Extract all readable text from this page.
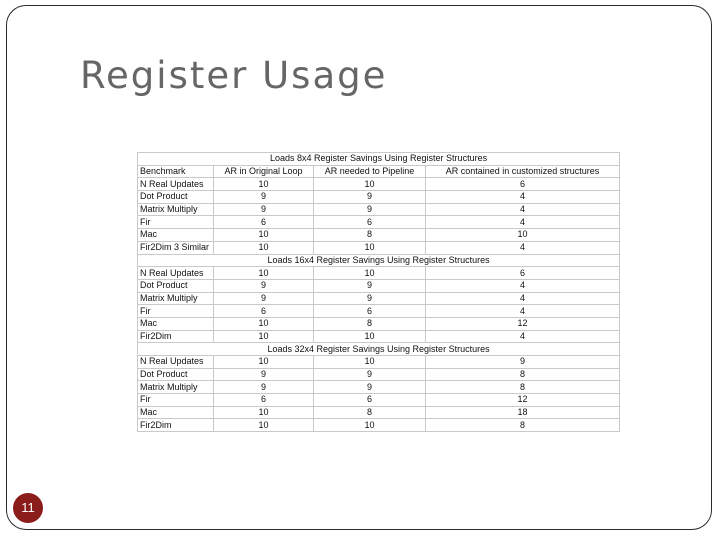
Register Usage
Loads 8x4 Register Savings Using Register Structures			
Benchmark	AR in Original Loop	AR needed to Pipeline	AR contained in customized structures
N Real Updates	10	10	6
Dot Product	9	9	4
Matrix Multiply	9	9	4
Fir	6	6	4
Mac	10	8	10
Fir2Dim 3 Similar	10	10	4
Loads 16x4 Register Savings Using Register Structures			
N Real Updates	10	10	6
Dot Product	9	9	4
Matrix Multiply	9	9	4
Fir	6	6	4
Mac	10	8	12
Fir2Dim	10	10	4
Loads 32x4 Register Savings Using Register Structures			
N Real Updates	10	10	9
Dot Product	9	9	8
Matrix Multiply	9	9	8
Fir	6	6	12
Mac	10	8	18
Fir2Dim	10	10	8
11
